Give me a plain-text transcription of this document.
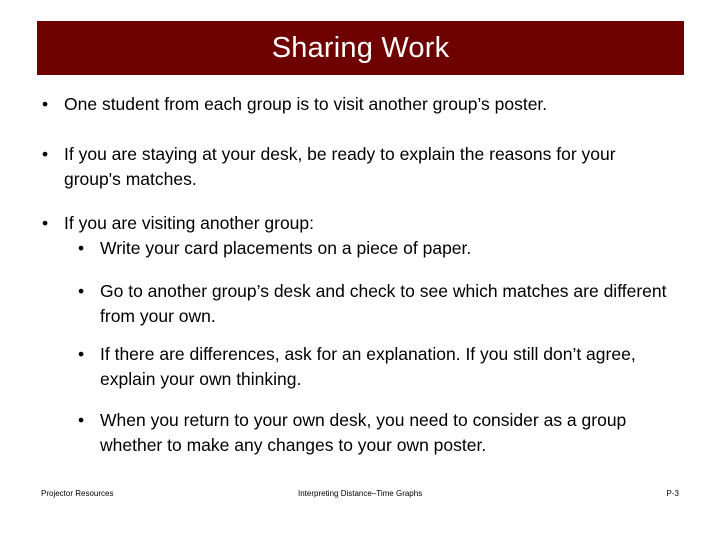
Sharing Work
• One student from each group is to visit another group’s poster.
• If you are staying at your desk, be ready to explain the reasons for your group's matches.
• If you are visiting another group:
• Write your card placements on a piece of paper.
• Go to another group’s desk and check to see which matches are different from your own.
• If there are differences, ask for an explanation. If you still don’t agree, explain your own thinking.
• When you return to your own desk, you need to consider as a group whether to make any changes to your own poster.
Projector Resources	Interpreting Distance–Time Graphs	P-3
